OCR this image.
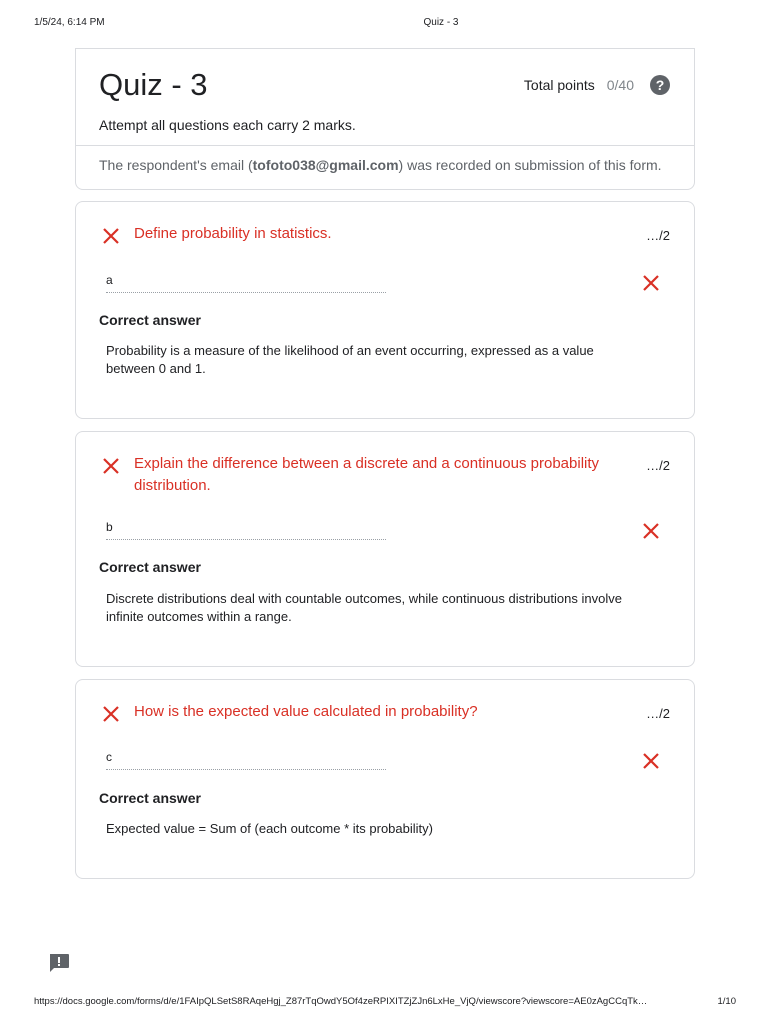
1/5/24, 6:14 PM	Quiz - 3
Quiz - 3	Total points 0/40	?
Attempt all questions each carry 2 marks.
The respondent's email (tofoto038@gmail.com) was recorded on submission of this form.
Define probability in statistics.	…/2
a
Correct answer
Probability is a measure of the likelihood of an event occurring, expressed as a value between 0 and 1.
Explain the difference between a discrete and a continuous probability distribution.
…/2
b
Correct answer
Discrete distributions deal with countable outcomes, while continuous distributions involve infinite outcomes within a range.
How is the expected value calculated in probability?	…/2
c
Correct answer
Expected value = Sum of (each outcome * its probability)
https://docs.google.com/forms/d/e/1FAIpQLSetS8RAqeHgj_Z87rTqOwdY5Of4zeRPIXITZjZJn6LxHe_VjQ/viewscore?viewscore=AE0zAgCCqTk…	1/10
